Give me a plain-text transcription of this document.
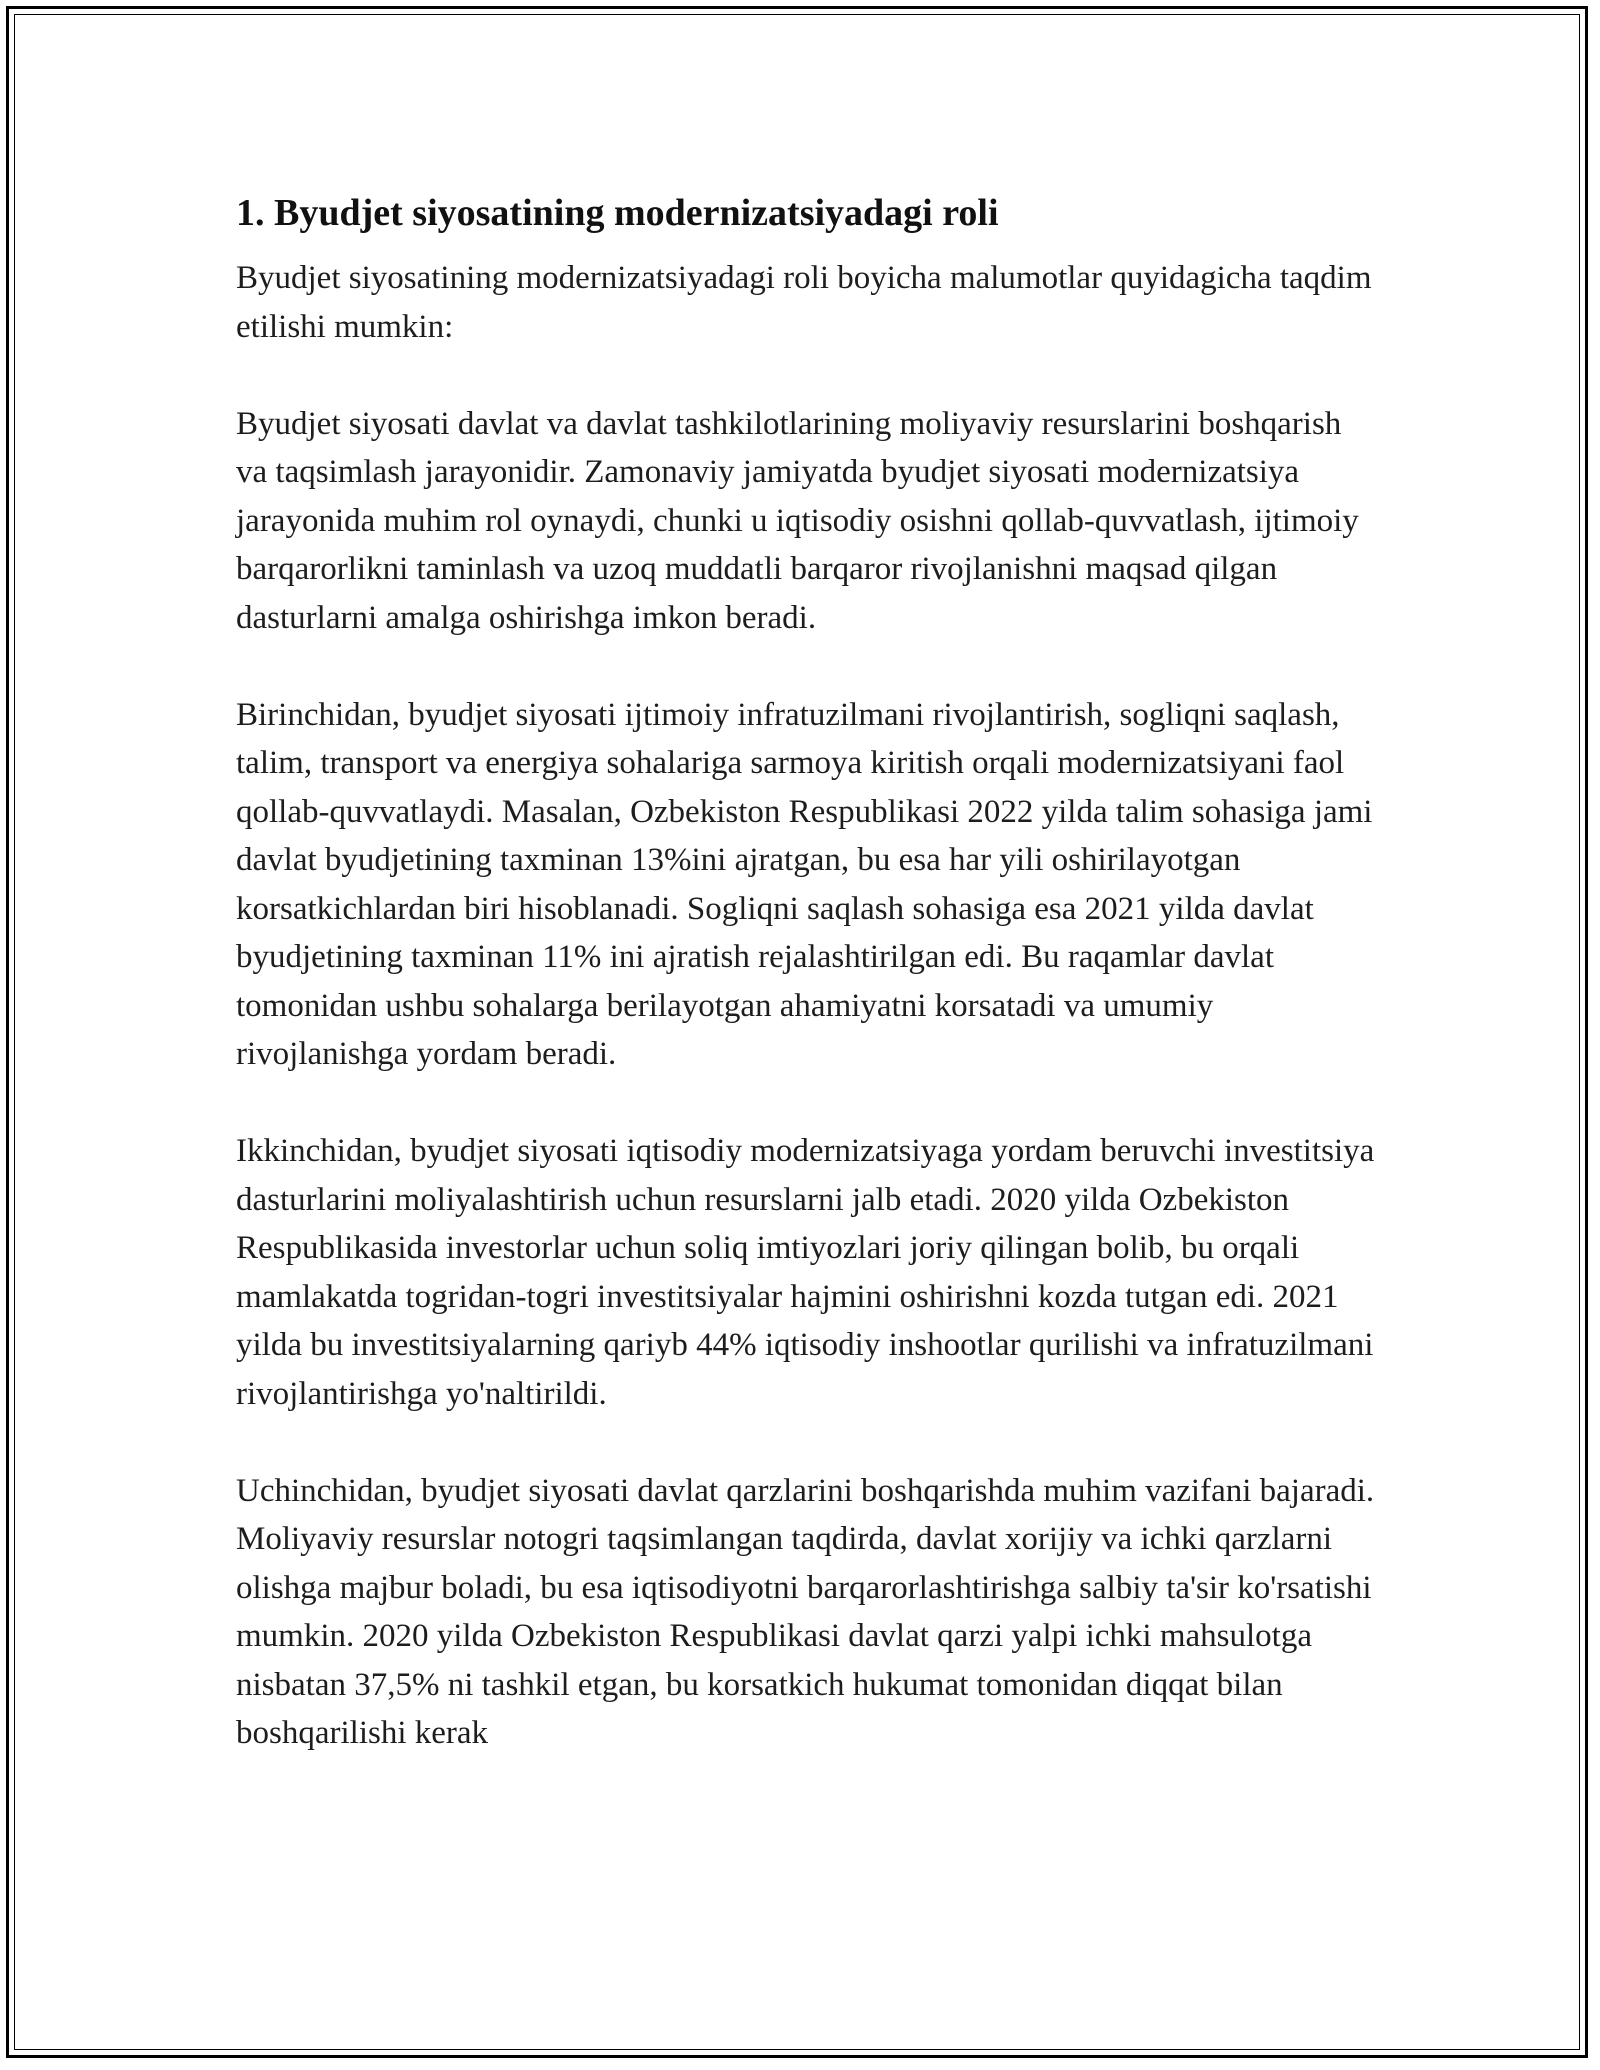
1. Byudjet siyosatining modernizatsiyadagi roli

Byudjet siyosatining modernizatsiyadagi roli boyicha malumotlar quyidagicha taqdim etilishi mumkin:

Byudjet siyosati davlat va davlat tashkilotlarining moliyaviy resurslarini boshqarish va taqsimlash jarayonidir. Zamonaviy jamiyatda byudjet siyosati modernizatsiya jarayonida muhim rol oynaydi, chunki u iqtisodiy osishni qollab-quvvatlash, ijtimoiy barqarorlikni taminlash va uzoq muddatli barqaror rivojlanishni maqsad qilgan dasturlarni amalga oshirishga imkon beradi.

Birinchidan, byudjet siyosati ijtimoiy infratuzilmani rivojlantirish, sogliqni saqlash, talim, transport va energiya sohalariga sarmoya kiritish orqali modernizatsiyani faol qollab-quvvatlaydi. Masalan, Ozbekiston Respublikasi 2022 yilda talim sohasiga jami davlat byudjetining taxminan 13%ini ajratgan, bu esa har yili oshirilayotgan korsatkichlardan biri hisoblanadi. Sogliqni saqlash sohasiga esa 2021 yilda davlat byudjetining taxminan 11% ini ajratish rejalashtirilgan edi. Bu raqamlar davlat tomonidan ushbu sohalarga berilayotgan ahamiyatni korsatadi va umumiy rivojlanishga yordam beradi.

Ikkinchidan, byudjet siyosati iqtisodiy modernizatsiyaga yordam beruvchi investitsiya dasturlarini moliyalashtirish uchun resurslarni jalb etadi. 2020 yilda Ozbekiston Respublikasida investorlar uchun soliq imtiyozlari joriy qilingan bolib, bu orqali mamlakatda togridan-togri investitsiyalar hajmini oshirishni kozda tutgan edi. 2021 yilda bu investitsiyalarning qariyb 44% iqtisodiy inshootlar qurilishi va infratuzilmani rivojlantirishga yo'naltirildi.

Uchinchidan, byudjet siyosati davlat qarzlarini boshqarishda muhim vazifani bajaradi. Moliyaviy resurslar notogri taqsimlangan taqdirda, davlat xorijiy va ichki qarzlarni olishga majbur boladi, bu esa iqtisodiyotni barqarorlashtirishga salbiy ta'sir ko'rsatishi mumkin. 2020 yilda Ozbekiston Respublikasi davlat qarzi yalpi ichki mahsulotga nisbatan 37,5% ni tashkil etgan, bu korsatkich hukumat tomonidan diqqat bilan boshqarilishi kerak
